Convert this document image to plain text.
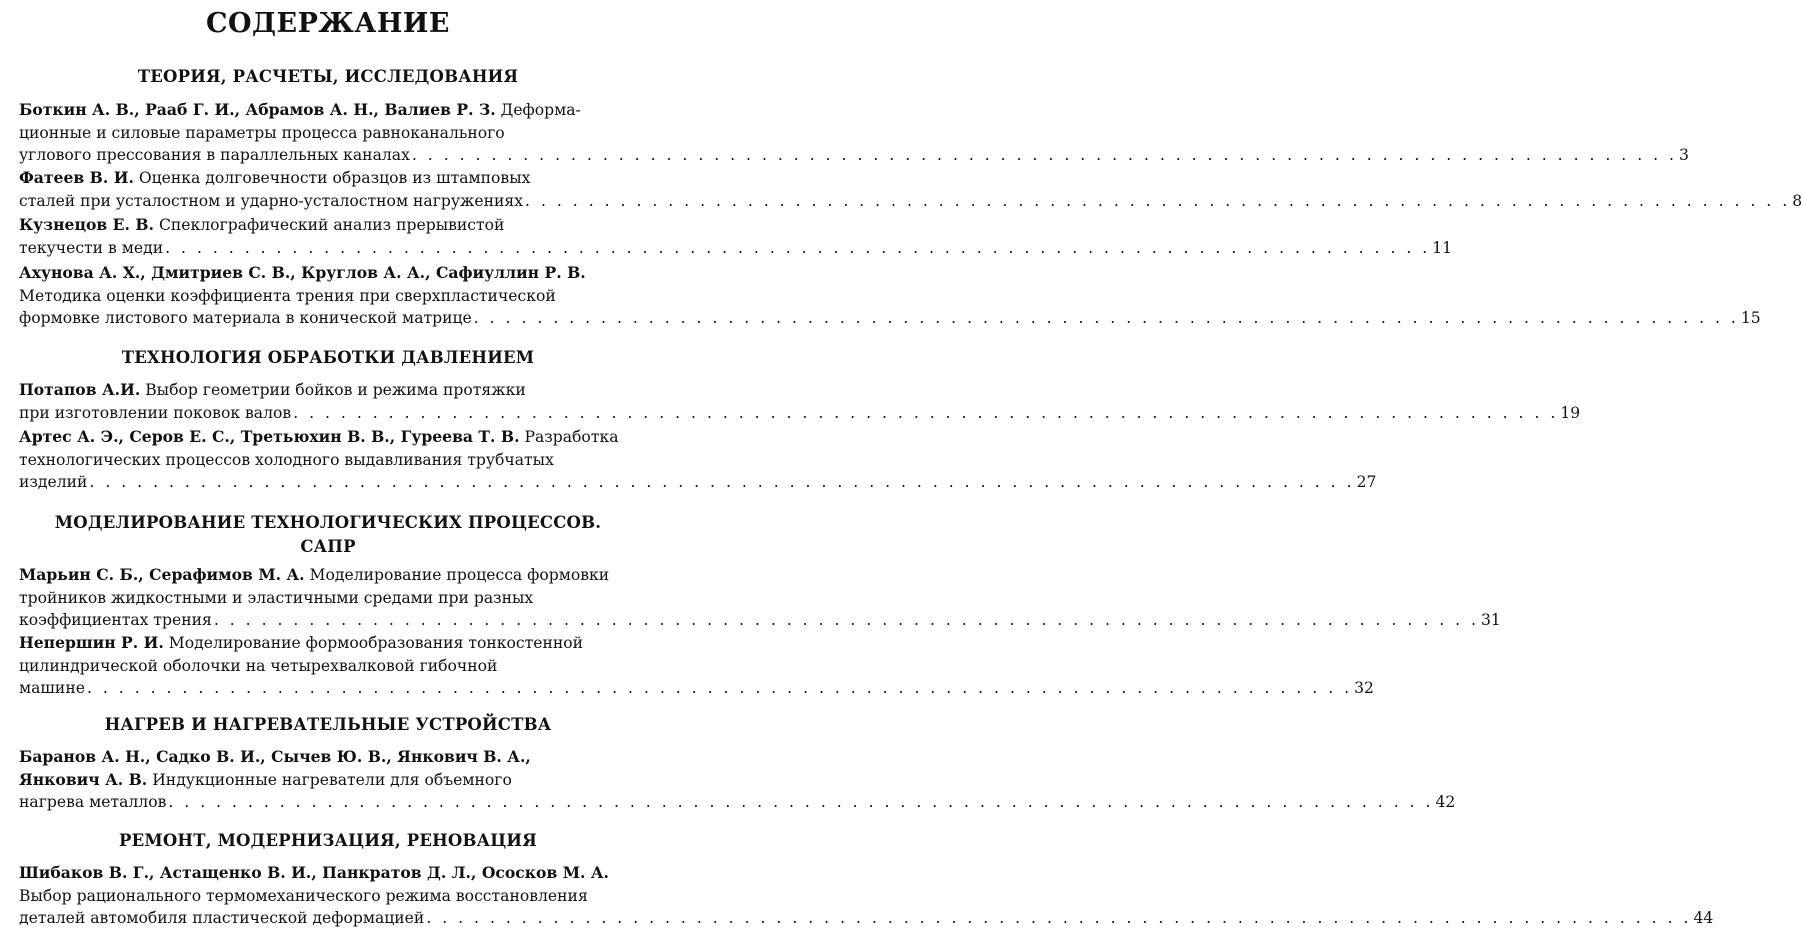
СОДЕРЖАНИЕ
ТЕОРИЯ, РАСЧЕТЫ, ИССЛЕДОВАНИЯ
Боткин А. В., Рааб Г. И., Абрамов А. Н., Валиев Р. З. Деформа-
ционные и силовые параметры процесса равноканального
углового прессования в параллельных каналах . . . . . . . . . . . . . . . . . . . . . . . . . . . . . . . . . . . . . . . . . . . . . . . . . . . . . . . . . . . . . . . . . . . . . . . . . . . . . . . . 3
Фатеев В. И. Оценка долговечности образцов из штамповых
сталей при усталостном и ударно-усталостном нагружениях . . . . . . . . . . . . . . . . . . . . . . . . . . . . . . . . . . . . . . . . . . . . . . . . . . . . . . . . . . . . . . . . . . . . . . . . . . . . . . . . 8
Кузнецов Е. В. Спеклографический анализ прерывистой
текучести в меди . . . . . . . . . . . . . . . . . . . . . . . . . . . . . . . . . . . . . . . . . . . . . . . . . . . . . . . . . . . . . . . . . . . . . . . . . . . . . . . . 11
Ахунова А. Х., Дмитриев С. В., Круглов А. А., Сафиуллин Р. В.
Методика оценки коэффициента трения при сверхпластической
формовке листового материала в конической матрице . . . . . . . . . . . . . . . . . . . . . . . . . . . . . . . . . . . . . . . . . . . . . . . . . . . . . . . . . . . . . . . . . . . . . . . . . . . . . . . . 15
ТЕХНОЛОГИЯ ОБРАБОТКИ ДАВЛЕНИЕМ
Потапов А.И. Выбор геометрии бойков и режима протяжки
при изготовлении поковок валов . . . . . . . . . . . . . . . . . . . . . . . . . . . . . . . . . . . . . . . . . . . . . . . . . . . . . . . . . . . . . . . . . . . . . . . . . . . . . . . . 19
Артес А. Э., Серов Е. С., Третьюхин В. В., Гуреева Т. В. Разработка
технологических процессов холодного выдавливания трубчатых
изделий . . . . . . . . . . . . . . . . . . . . . . . . . . . . . . . . . . . . . . . . . . . . . . . . . . . . . . . . . . . . . . . . . . . . . . . . . . . . . . . . 27
МОДЕЛИРОВАНИЕ ТЕХНОЛОГИЧЕСКИХ ПРОЦЕССОВ.
САПР
Марьин С. Б., Серафимов М. А. Моделирование процесса формовки
тройников жидкостными и эластичными средами при разных
коэффициентах трения . . . . . . . . . . . . . . . . . . . . . . . . . . . . . . . . . . . . . . . . . . . . . . . . . . . . . . . . . . . . . . . . . . . . . . . . . . . . . . . . 31
Непершин Р. И. Моделирование формообразования тонкостенной
цилиндрической оболочки на четырехвалковой гибочной
машине . . . . . . . . . . . . . . . . . . . . . . . . . . . . . . . . . . . . . . . . . . . . . . . . . . . . . . . . . . . . . . . . . . . . . . . . . . . . . . . . 32
НАГРЕВ И НАГРЕВАТЕЛЬНЫЕ УСТРОЙСТВА
Баранов А. Н., Садко В. И., Сычев Ю. В., Янкович В. А.,
Янкович А. В. Индукционные нагреватели для объемного
нагрева металлов . . . . . . . . . . . . . . . . . . . . . . . . . . . . . . . . . . . . . . . . . . . . . . . . . . . . . . . . . . . . . . . . . . . . . . . . . . . . . . . . 42
РЕМОНТ, МОДЕРНИЗАЦИЯ, РЕНОВАЦИЯ
Шибаков В. Г., Астащенко В. И., Панкратов Д. Л., Ососков М. А.
Выбор рационального термомеханического режима восстановления
деталей автомобиля пластической деформацией . . . . . . . . . . . . . . . . . . . . . . . . . . . . . . . . . . . . . . . . . . . . . . . . . . . . . . . . . . . . . . . . . . . . . . . . . . . . . . . . 44
